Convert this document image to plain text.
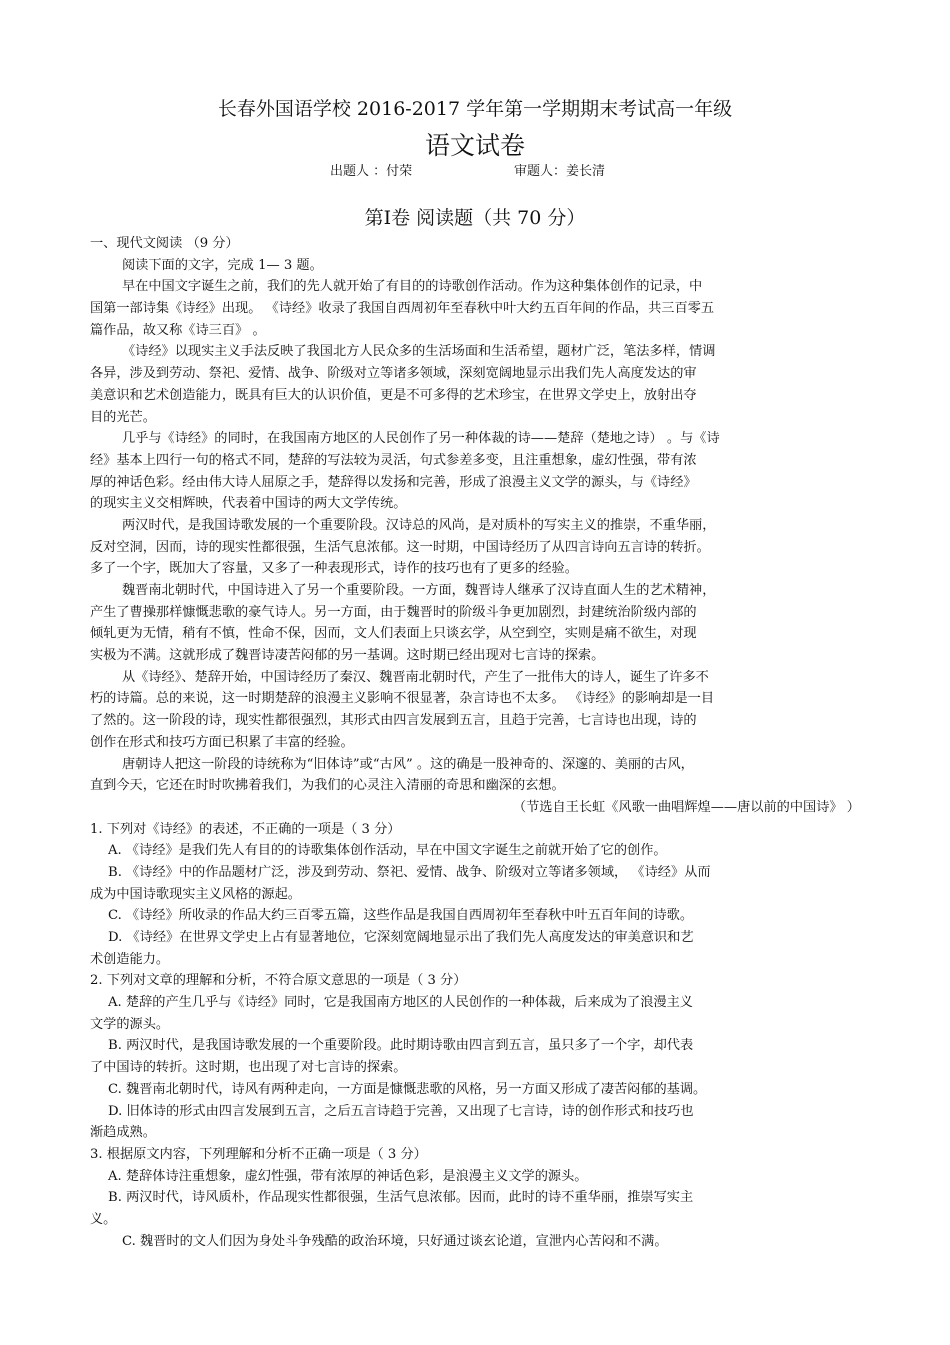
长春外国语学校 2016-2017 学年第一学期期末考试高一年级
语文试卷
出题人 ：付荣	审题人：姜长清
第Ⅰ卷 阅读题（共 70 分）
一、现代文阅读 （9 分）
阅读下面的文字，完成 1— 3 题。
早在中国文字诞生之前，我们的先人就开始了有目的的诗歌创作活动。作为这种集体创作的记录，中
国第一部诗集《诗经》出现。 《诗经》收录了我国自西周初年至春秋中叶大约五百年间的作品，共三百零五
篇作品，故又称《诗三百》 。
《诗经》以现实主义手法反映了我国北方人民众多的生活场面和生活希望，题材广泛，笔法多样，情调
各异，涉及到劳动、祭祀、爱情、战争、阶级对立等诸多领域，深刻宽阔地显示出我们先人高度发达的审
美意识和艺术创造能力，既具有巨大的认识价值，更是不可多得的艺术珍宝，在世界文学史上，放射出夺
目的光芒。
几乎与《诗经》的同时，在我国南方地区的人民创作了另一种体裁的诗——楚辞（楚地之诗） 。与《诗
经》基本上四行一句的格式不同，楚辞的写法较为灵活，句式参差多变，且注重想象，虚幻性强，带有浓
厚的神话色彩。经由伟大诗人屈原之手，楚辞得以发扬和完善，形成了浪漫主义文学的源头，与《诗经》
的现实主义交相辉映，代表着中国诗的两大文学传统。
两汉时代，是我国诗歌发展的一个重要阶段。汉诗总的风尚，是对质朴的写实主义的推崇，不重华丽，
反对空洞，因而，诗的现实性都很强，生活气息浓郁。这一时期，中国诗经历了从四言诗向五言诗的转折。
多了一个字，既加大了容量，又多了一种表现形式，诗作的技巧也有了更多的经验。
魏晋南北朝时代，中国诗进入了另一个重要阶段。一方面，魏晋诗人继承了汉诗直面人生的艺术精神，
产生了曹操那样慷慨悲歌的豪气诗人。另一方面，由于魏晋时的阶级斗争更加剧烈，封建统治阶级内部的
倾轧更为无情，稍有不慎，性命不保，因而，文人们表面上只谈玄学，从空到空，实则是痛不欲生，对现
实极为不满。这就形成了魏晋诗凄苦闷郁的另一基调。这时期已经出现对七言诗的探索。
从《诗经》、楚辞开始，中国诗经历了秦汉、魏晋南北朝时代，产生了一批伟大的诗人，诞生了许多不
朽的诗篇。总的来说，这一时期楚辞的浪漫主义影响不很显著，杂言诗也不太多。 《诗经》的影响却是一目
了然的。这一阶段的诗，现实性都很强烈，其形式由四言发展到五言，且趋于完善，七言诗也出现，诗的
创作在形式和技巧方面已积累了丰富的经验。
唐朝诗人把这一阶段的诗统称为“旧体诗”或“古风” 。这的确是一股神奇的、深邃的、美丽的古风，
直到今天，它还在时时吹拂着我们，为我们的心灵注入清丽的奇思和幽深的玄想。
（节选自王长虹《风歌一曲唱辉煌——唐以前的中国诗》 ）
1. 下列对《诗经》的表述，不正确的一项是（ 3 分）
A. 《诗经》是我们先人有目的的诗歌集体创作活动，早在中国文字诞生之前就开始了它的创作。
B. 《诗经》中的作品题材广泛，涉及到劳动、祭祀、爱情、战争、阶级对立等诸多领域， 《诗经》从而
成为中国诗歌现实主义风格的源起。
C. 《诗经》所收录的作品大约三百零五篇，这些作品是我国自西周初年至春秋中叶五百年间的诗歌。
D. 《诗经》在世界文学史上占有显著地位，它深刻宽阔地显示出了我们先人高度发达的审美意识和艺
术创造能力。
2. 下列对文章的理解和分析，不符合原文意思的一项是（ 3 分）
A. 楚辞的产生几乎与《诗经》同时，它是我国南方地区的人民创作的一种体裁，后来成为了浪漫主义
文学的源头。
B. 两汉时代，是我国诗歌发展的一个重要阶段。此时期诗歌由四言到五言，虽只多了一个字，却代表
了中国诗的转折。这时期，也出现了对七言诗的探索。
C. 魏晋南北朝时代，诗风有两种走向，一方面是慷慨悲歌的风格，另一方面又形成了凄苦闷郁的基调。
D. 旧体诗的形式由四言发展到五言，之后五言诗趋于完善，又出现了七言诗，诗的创作形式和技巧也
渐趋成熟。
3. 根据原文内容，下列理解和分析不正确一项是（ 3 分）
A. 楚辞体诗注重想象，虚幻性强，带有浓厚的神话色彩，是浪漫主义文学的源头。
B. 两汉时代，诗风质朴，作品现实性都很强，生活气息浓郁。因而，此时的诗不重华丽，推崇写实主
义。
C. 魏晋时的文人们因为身处斗争残酷的政治环境，只好通过谈玄论道，宣泄内心苦闷和不满。
